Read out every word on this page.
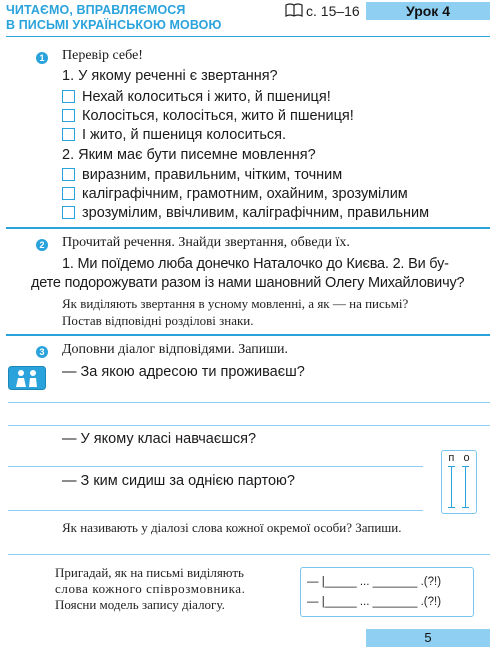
ЧИТАЄМО, ВПРАВЛЯЄМОСЯ
В ПИСЬМІ УКРАЇНСЬКОЮ МОВОЮ
с. 15–16	Урок 4
1 Перевір себе!
1. У якому реченні є звертання?
Нехай колоситься і жито, й пшениця!
Колосіться, колосіться, жито й пшениця!
І жито, й пшениця колоситься.
2. Яким має бути писемне мовлення?
виразним, правильним, чітким, точним
каліграфічним, грамотним, охайним, зрозумілим
зрозумілим, ввічливим, каліграфічним, правильним
2 Прочитай речення. Знайди звертання, обведи їх.
1. Ми поїдемо люба донечко Наталочко до Києва. 2. Ви бу-
дете подорожувати разом із нами шановний Олегу Михайловичу?
Як виділяють звертання в усному мовленні, а як — на письмі?
Постав відповідні розділові знаки.
3 Доповни діалог відповідями. Запиши.
— За якою адресою ти проживаєш?
— У якому класі навчаєшся?
— З ким сидиш за однією партою?
п   о
Як називають у діалозі слова кожної окремої особи? Запиши.
Пригадай, як на письмі виділяють
слова кожного співрозмовника.
Поясни модель запису діалогу.
— |_____ ... _______ .(?!)
— |_____ ... _______ .(?!)
5
